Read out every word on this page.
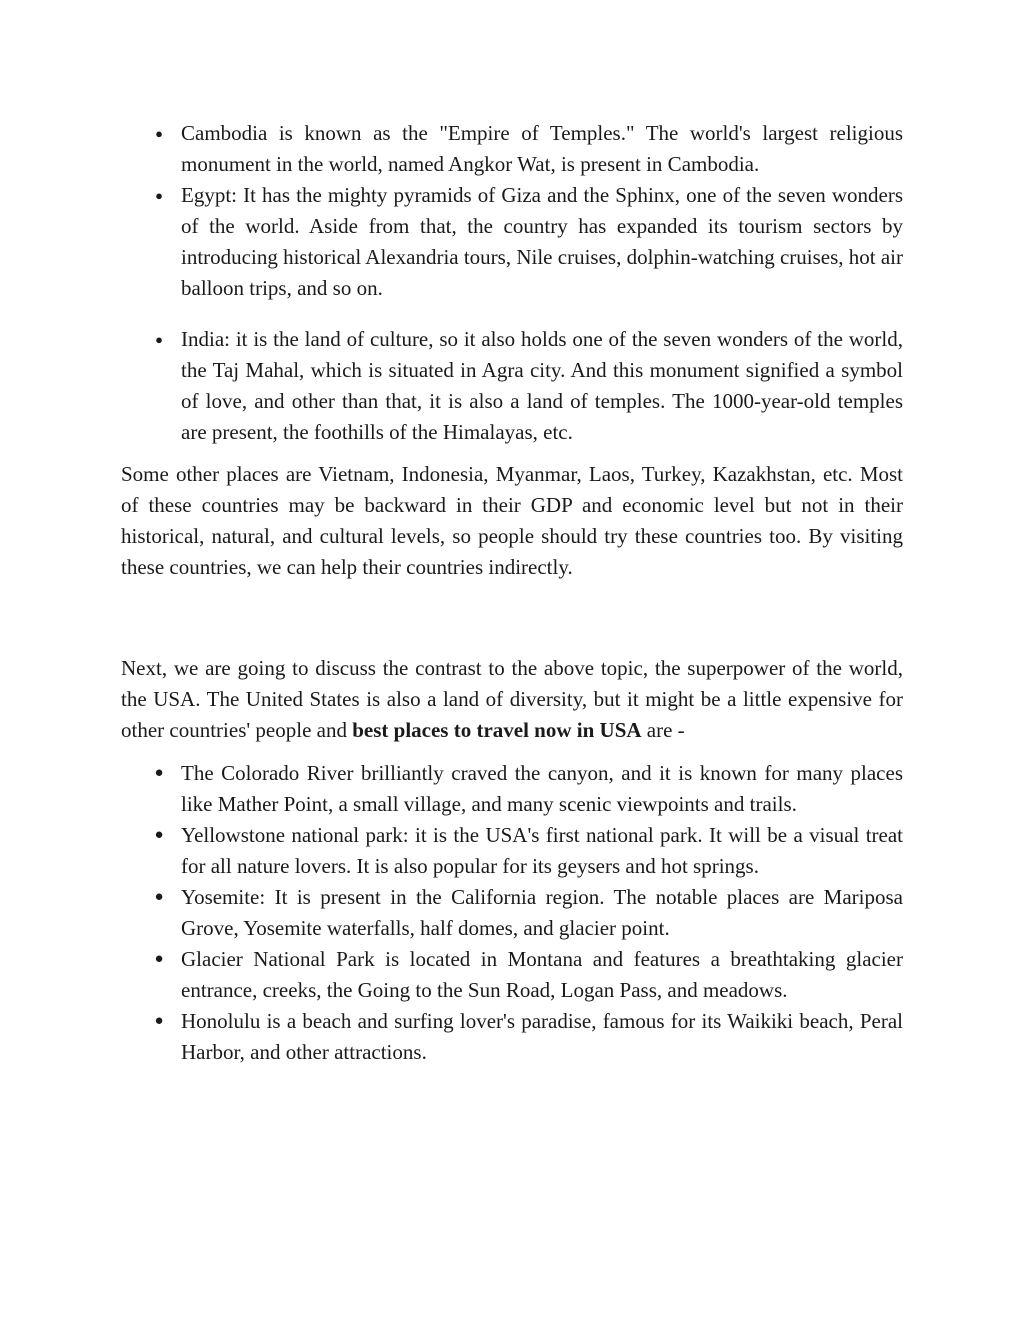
● Cambodia is known as the "Empire of Temples." The world's largest religious monument in the world, named Angkor Wat, is present in Cambodia.
● Egypt: It has the mighty pyramids of Giza and the Sphinx, one of the seven wonders of the world. Aside from that, the country has expanded its tourism sectors by introducing historical Alexandria tours, Nile cruises, dolphin-watching cruises, hot air balloon trips, and so on.
● India: it is the land of culture, so it also holds one of the seven wonders of the world, the Taj Mahal, which is situated in Agra city. And this monument signified a symbol of love, and other than that, it is also a land of temples. The 1000-year-old temples are present, the foothills of the Himalayas, etc.

Some other places are Vietnam, Indonesia, Myanmar, Laos, Turkey, Kazakhstan, etc. Most of these countries may be backward in their GDP and economic level but not in their historical, natural, and cultural levels, so people should try these countries too. By visiting these countries, we can help their countries indirectly.

Next, we are going to discuss the contrast to the above topic, the superpower of the world, the USA. The United States is also a land of diversity, but it might be a little expensive for other countries' people and best places to travel now in USA are -

● The Colorado River brilliantly craved the canyon, and it is known for many places like Mather Point, a small village, and many scenic viewpoints and trails.
● Yellowstone national park: it is the USA's first national park. It will be a visual treat for all nature lovers. It is also popular for its geysers and hot springs.
● Yosemite: It is present in the California region. The notable places are Mariposa Grove, Yosemite waterfalls, half domes, and glacier point.
● Glacier National Park is located in Montana and features a breathtaking glacier entrance, creeks, the Going to the Sun Road, Logan Pass, and meadows.
● Honolulu is a beach and surfing lover's paradise, famous for its Waikiki beach, Peral Harbor, and other attractions.
